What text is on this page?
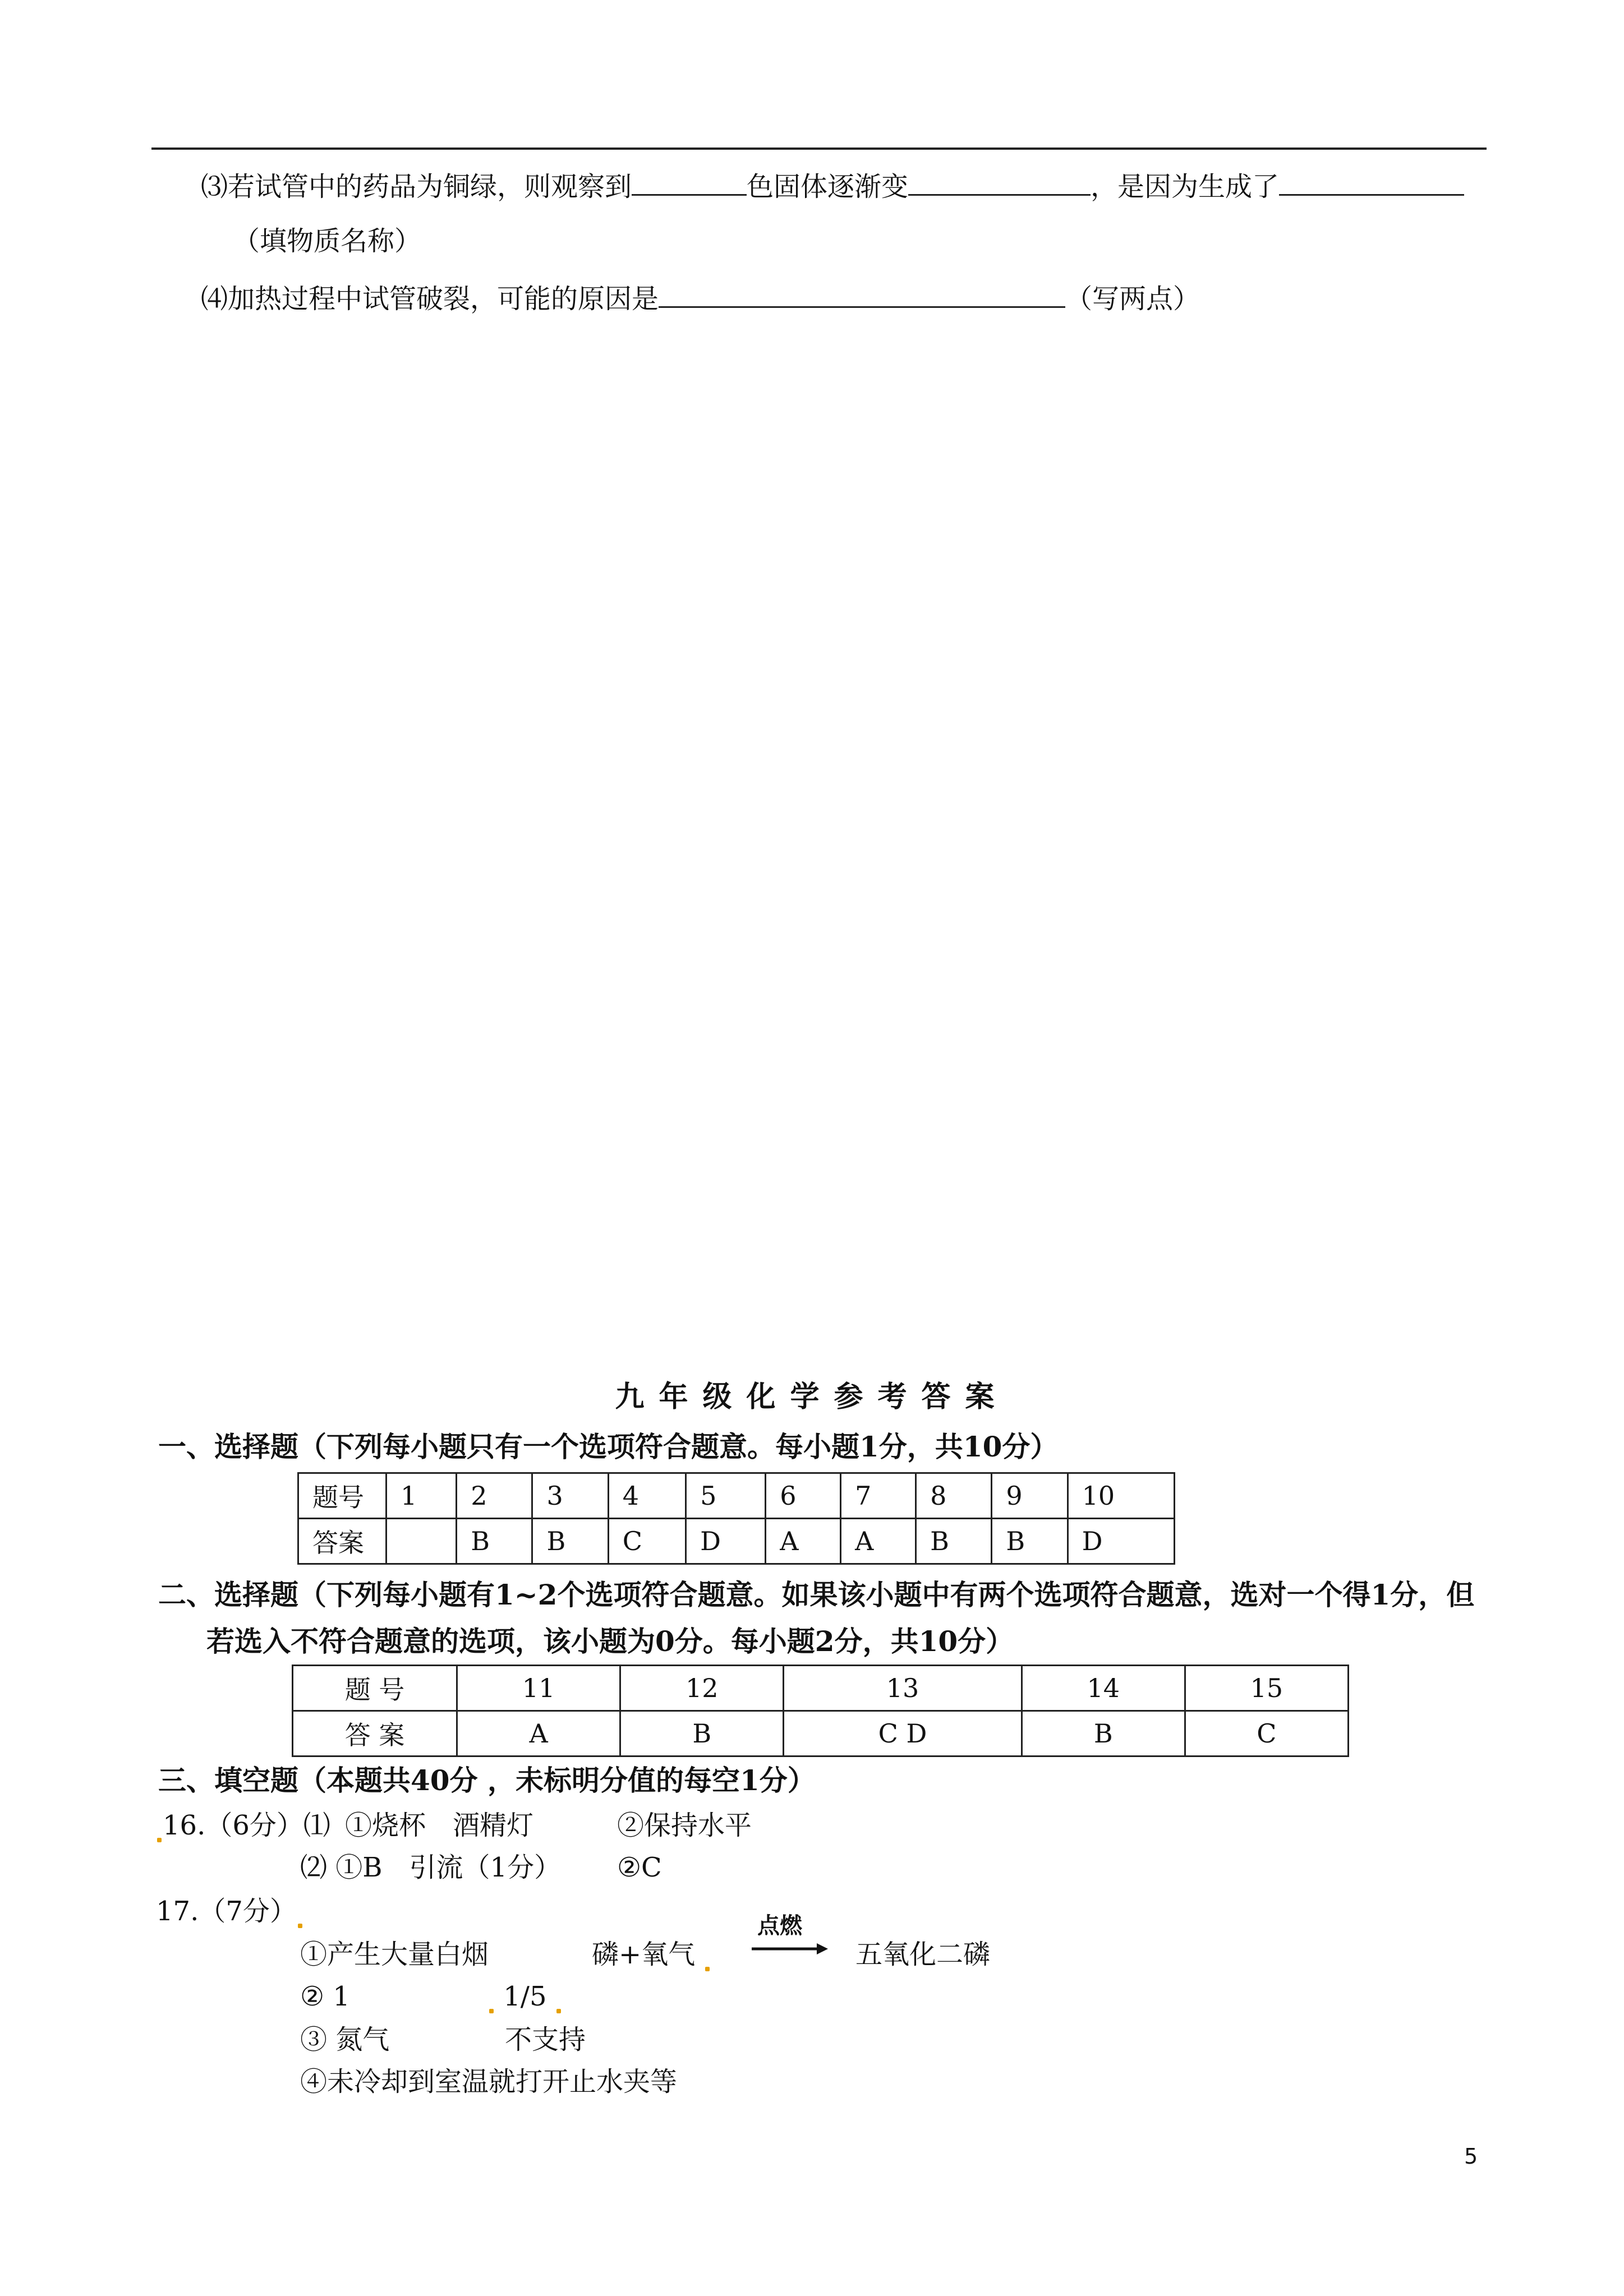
⑶若试管中的药品为铜绿，则观察到	色固体逐渐变	，是因为生成了
（填物质名称）
⑷加热过程中试管破裂，可能的原因是	（写两点）
九年级化学参考答案
一、选择题（下列每小题只有一个选项符合题意。每小题1分，共10分）
题号	1	2	3	4	5	6	7	8	9	10
答案		B	B	C	D	A	A	B	B	D
二、选择题（下列每小题有1~2个选项符合题意。如果该小题中有两个选项符合题意，选对一个得1分，但
若选入不符合题意的选项，该小题为0分。每小题2分，共10分）
题 号	11	12	13	14	15
答 案	A	B	C D	B	C
三、填空题（本题共40分 ，未标明分值的每空1分）
16.（6分）⑴ ①烧杯　酒精灯	②保持水平
⑵ ①B　引流（1分） ②C
17.（7分）
①产生大量白烟	磷+氧气
点燃
五氧化二磷
② 1	1/5
③ 氮气	不支持
④未冷却到室温就打开止水夹等
5
